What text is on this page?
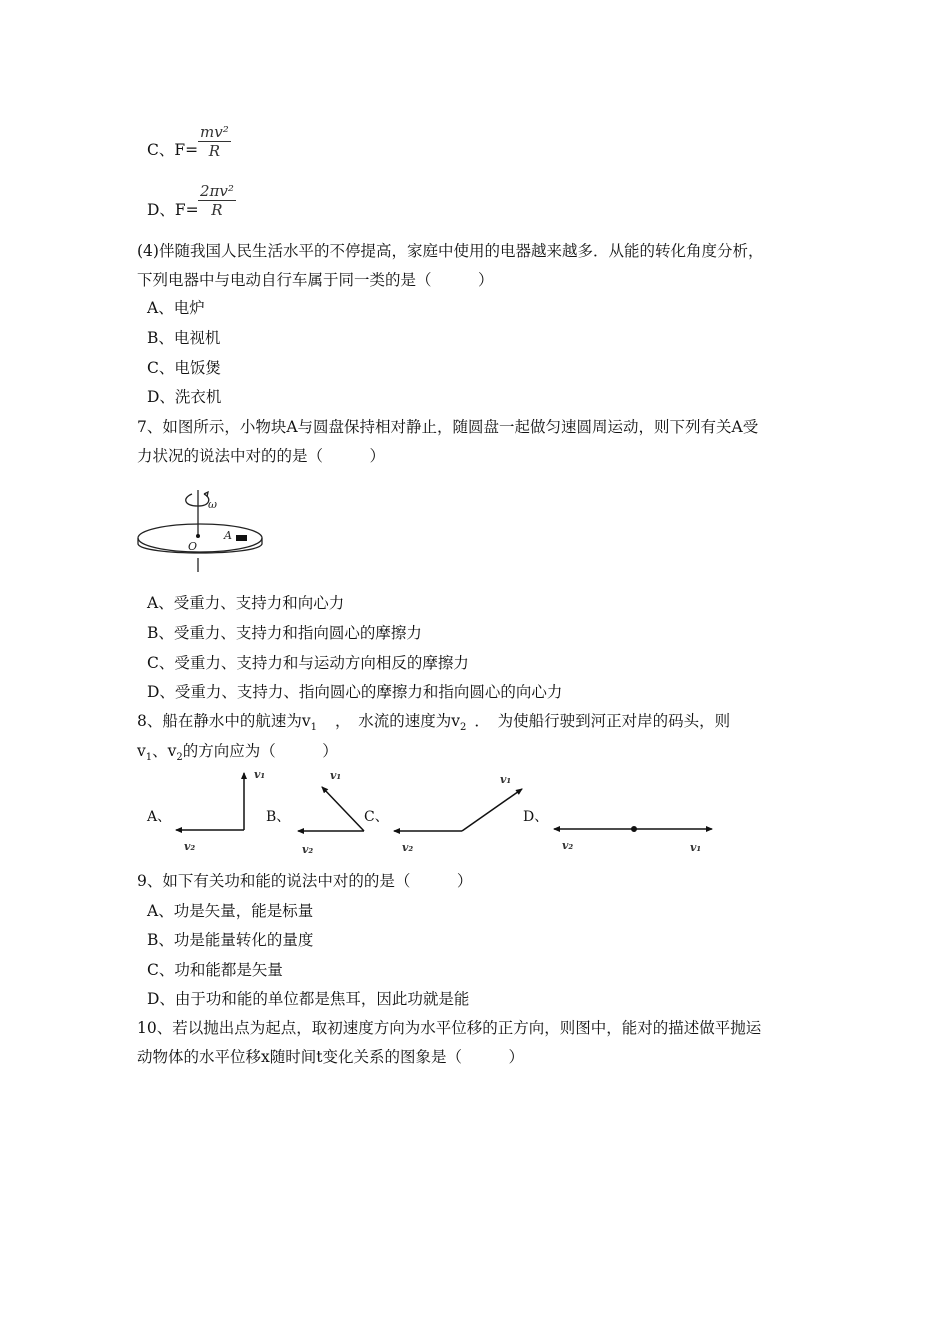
C、F=
mv²
R
D、F=
2πv²
R
(4)伴随我国人民生活水平的不停提高，家庭中使用的电器越来越多．从能的转化角度分析，
下列电器中与电动自行车属于同一类的是（　　　）
A、电炉
B、电视机
C、电饭煲
D、洗衣机
7、如图所示，小物块A与圆盘保持相对静止，随圆盘一起做匀速圆周运动，则下列有关A受
力状况的说法中对的的是（　　　）
ω
O
A
A、受重力、支持力和向心力
B、受重力、支持力和指向圆心的摩擦力
C、受重力、支持力和与运动方向相反的摩擦力
D、受重力、支持力、指向圆心的摩擦力和指向圆心的向心力
8、船在静水中的航速为$v_1$ ，　水流的速度为$v_2$ ．　为使船行驶到河正对岸的码头，则
$v_1$、$v_2$的方向应为（　　　）
A、	B、	C、	D、
v₁
v₂
v₁
v₂
v₁
v₂	v₁
v₂
9、如下有关功和能的说法中对的的是（　　　）
A、功是矢量，能是标量
B、功是能量转化的量度
C、功和能都是矢量
D、由于功和能的单位都是焦耳，因此功就是能
10、若以抛出点为起点，取初速度方向为水平位移的正方向，则图中，能对的描述做平抛运
动物体的水平位移x随时间t变化关系的图象是（　　　）
